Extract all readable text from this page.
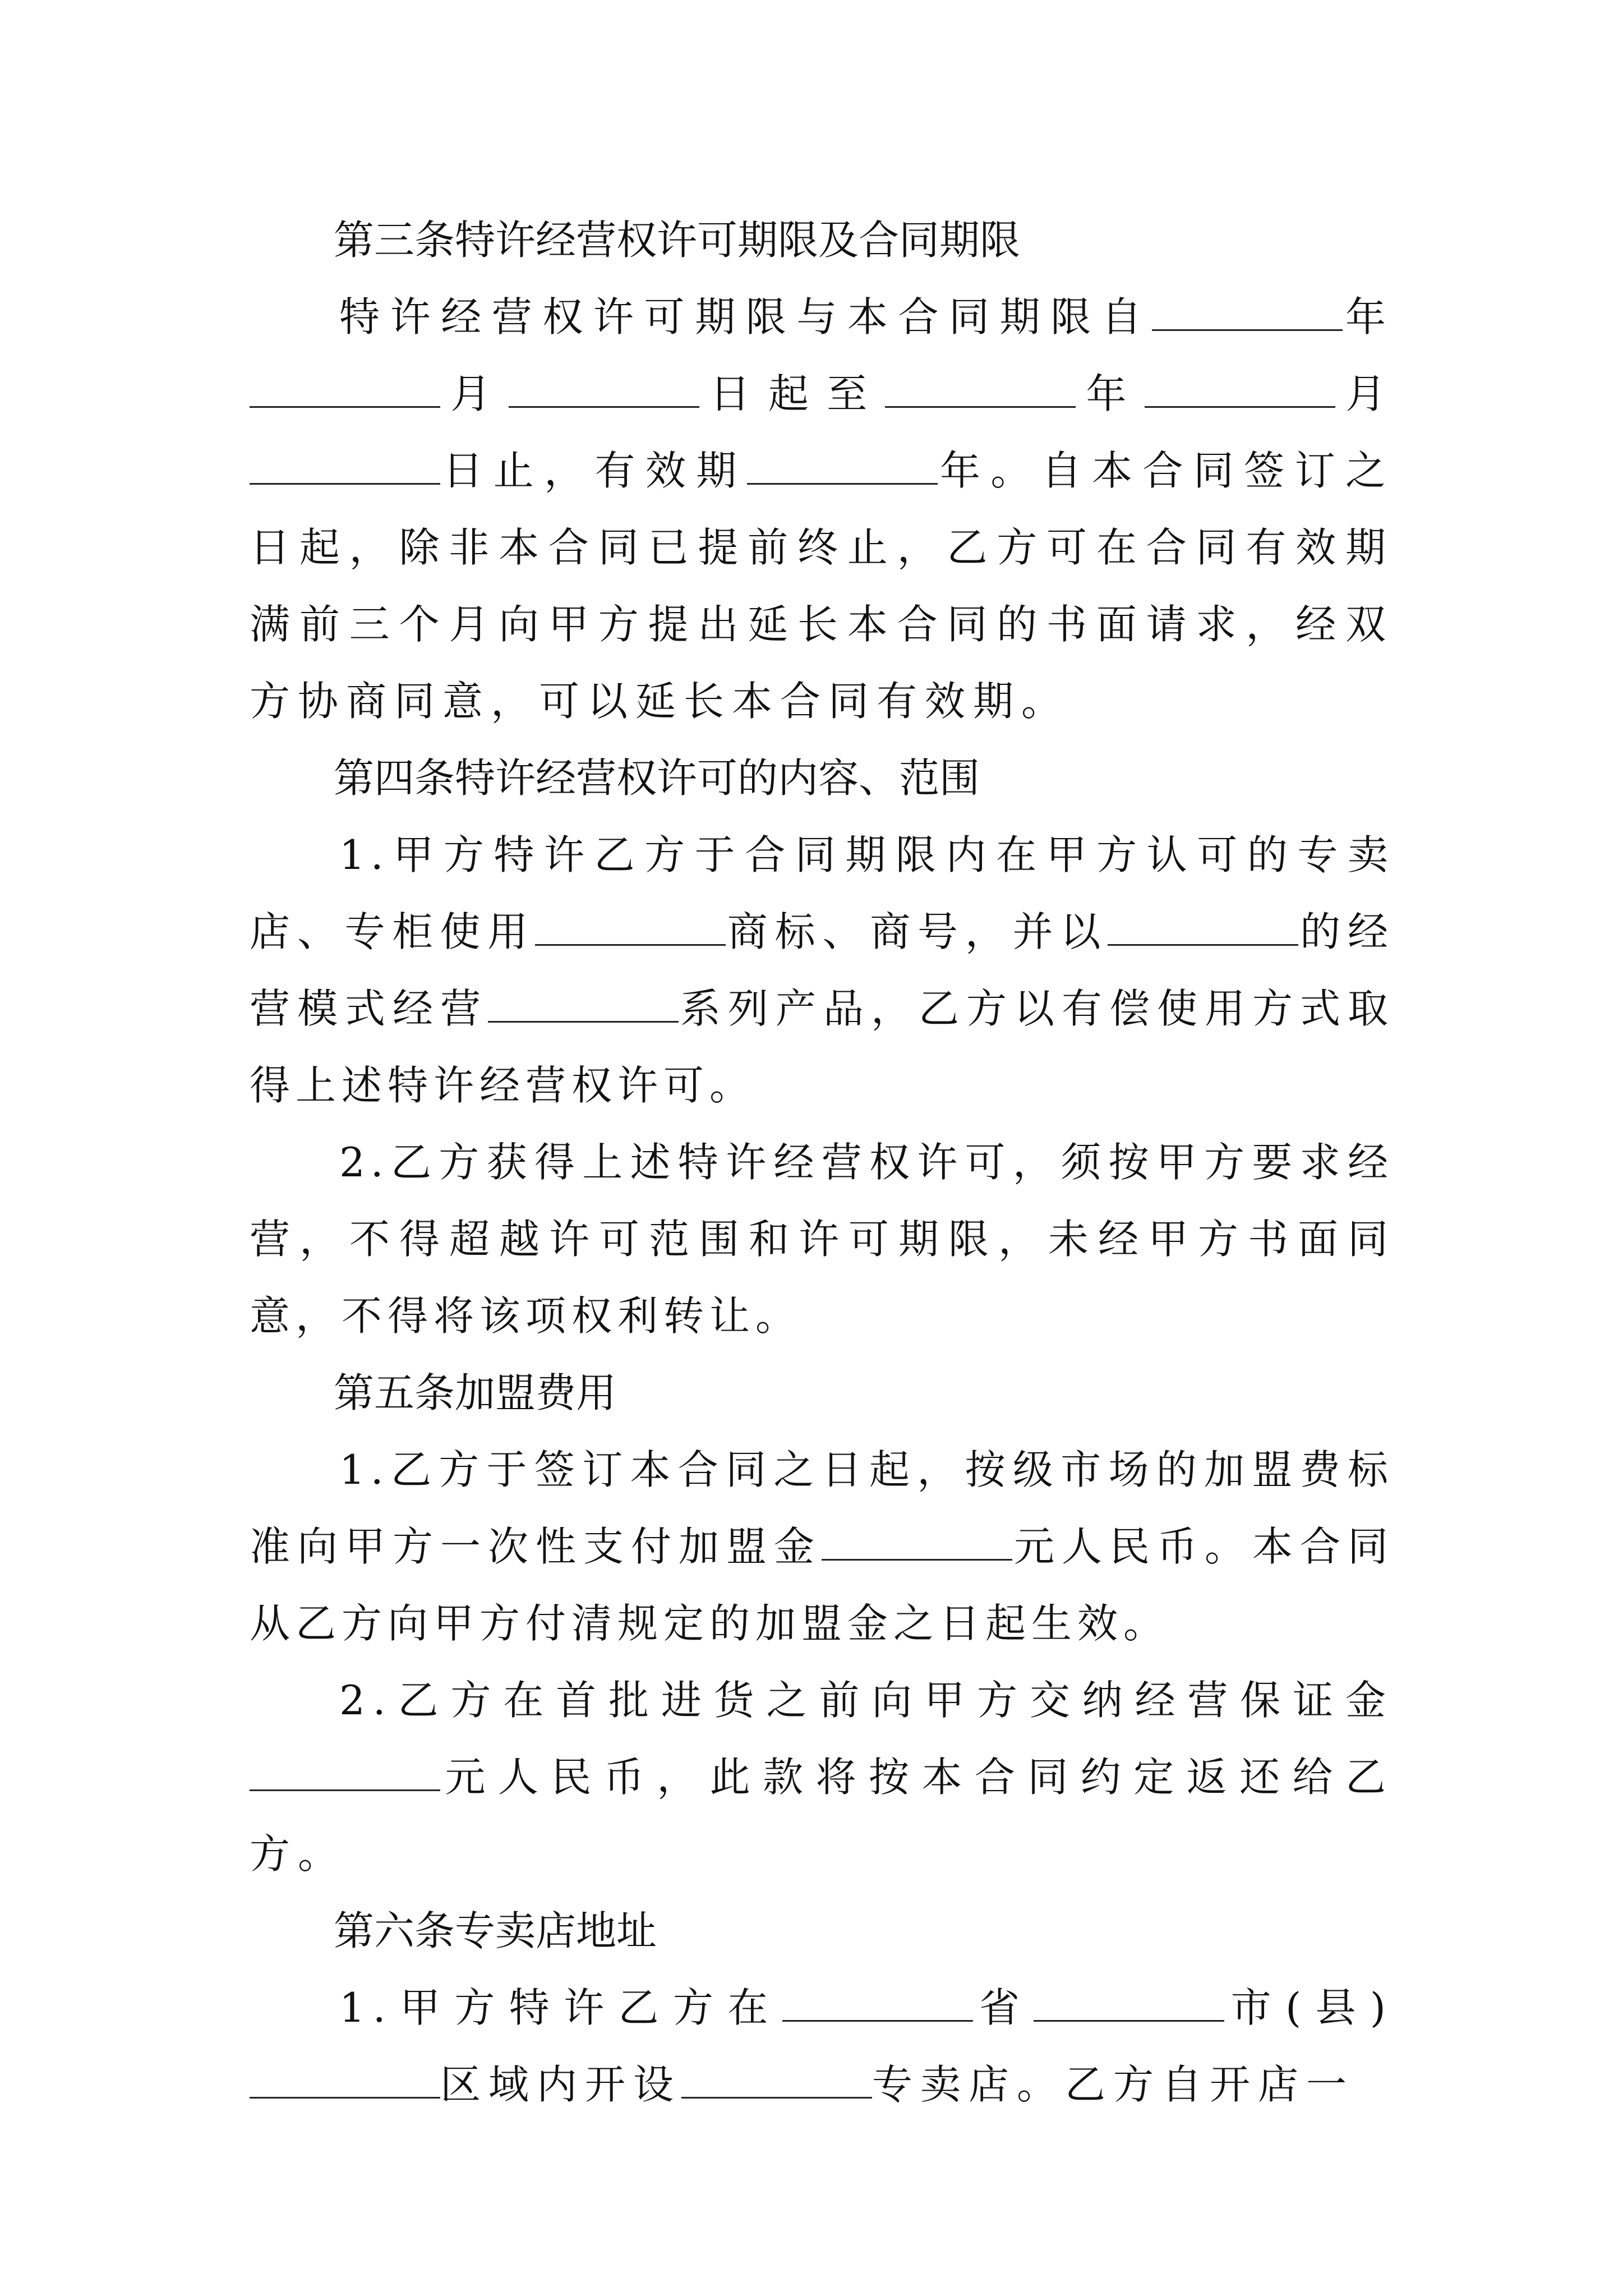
第三条特许经营权许可期限及合同期限

特许经营权许可期限与本合同期限自	年月	日起至	年	月日止，有效期	年。自本合同签订之日起，除非本合同已提前终止，乙方可在合同有效期满前三个月向甲方提出延长本合同的书面请求，经双方协商同意，可以延长本合同有效期。

第四条特许经营权许可的内容、范围

1.甲方特许乙方于合同期限内在甲方认可的专卖店、专柜使用	商标、商号，并以	的经营模式经营	系列产品，乙方以有偿使用方式取得上述特许经营权许可。

2.乙方获得上述特许经营权许可，须按甲方要求经营，不得超越许可范围和许可期限，未经甲方书面同意，不得将该项权利转让。

第五条加盟费用

1.乙方于签订本合同之日起，按级市场的加盟费标准向甲方一次性支付加盟金	元人民币。本合同从乙方向甲方付清规定的加盟金之日起生效。

2.乙方在首批进货之前向甲方交纳经营保证金元人民币，此款将按本合同约定返还给乙方。

第六条专卖店地址

1.甲方特许乙方在	省	市(县)区域内开设	专卖店。乙方自开店一
